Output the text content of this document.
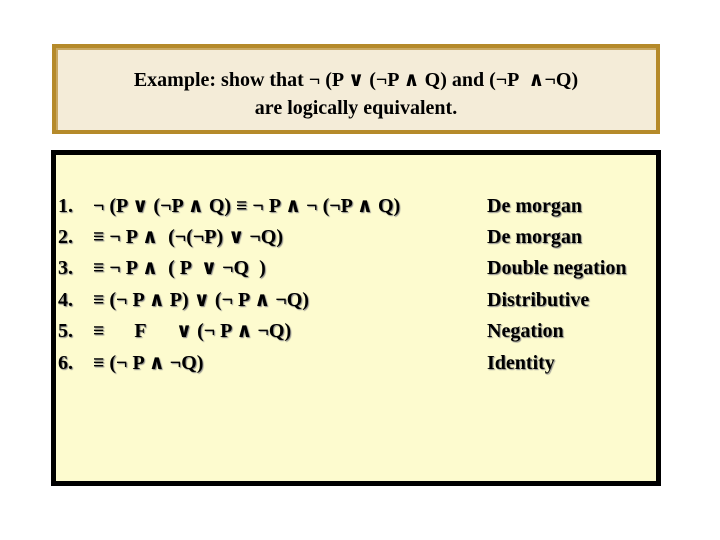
Example: show that ¬ (P ∨ (¬P ∧ Q) and (¬P  ∧¬Q)
are logically equivalent.
1.	¬ (P ∨ (¬P ∧ Q) ≡ ¬ P ∧ ¬ (¬P ∧ Q)	De morgan
2.	≡ ¬ P ∧  (¬(¬P) ∨ ¬Q)	De morgan
3.	≡ ¬ P ∧  ( P  ∨ ¬Q  )	Double negation
4.	≡ (¬ P ∧ P) ∨ (¬ P ∧ ¬Q)	Distributive
5.	≡      F      ∨ (¬ P ∧ ¬Q)	Negation
6.	≡ (¬ P ∧ ¬Q)	Identity
